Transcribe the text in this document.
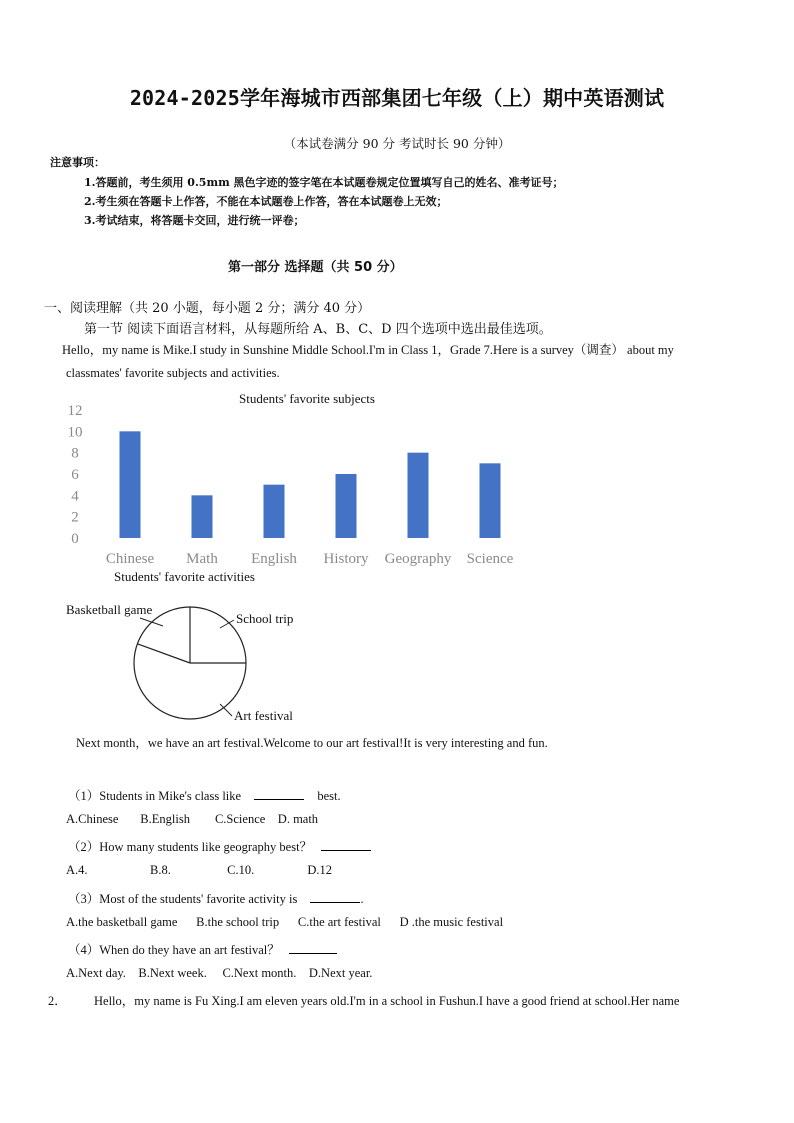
2024-2025学年海城市西部集团七年级（上）期中英语测试

（本试卷满分 90 分 考试时长 90 分钟）

注意事项：

1.答题前，考生须用 0.5mm 黑色字迹的签字笔在本试题卷规定位置填写自己的姓名、准考证号；

2.考生须在答题卡上作答，不能在本试题卷上作答，答在本试题卷上无效；

3.考试结束，将答题卡交回，进行统一评卷；

第一部分 选择题（共 50 分）

一、阅读理解（共 20 小题，每小题 2 分；满分 40 分）

第一节 阅读下面语言材料，从每题所给 A、B、C、D 四个选项中选出最佳选项。

Hello，my name is Mike.I study in Sunshine Middle School.I'm in Class 1，Grade 7.Here is a survey（调查） about my

classmates' favorite subjects and activities.

Students' favorite subjects
0
2
4
6
8
10
12
Chinese Math English History Geography Science

Students' favorite activities

Basketball game
School trip
Art festival

Next month，we have an art festival.Welcome to our art festival!It is very interesting and fun.

（1）Students in Mike's class like	best.

A.Chinese       B.English        C.Science    D. math

（2）How many students like geography best？

A.4.                    B.8.                  C.10.                 D.12

（3）Most of the students' favorite activity is	.

A.the basketball game      B.the school trip      C.the art festival      D .the music festival

（4）When do they have an art festival？

A.Next day.    B.Next week.     C.Next month.    D.Next year.

2． Hello，my name is Fu Xing.I am eleven years old.I'm in a school in Fushun.I have a good friend at school.Her name
